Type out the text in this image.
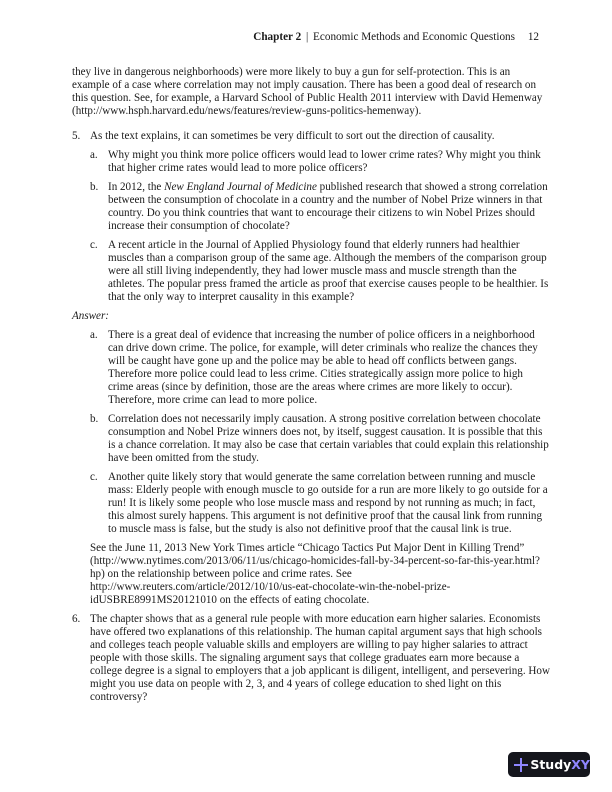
Chapter 2 | Economic Methods and Economic Questions 12

they live in dangerous neighborhoods) were more likely to buy a gun for self-protection. This is an example of a case where correlation may not imply causation. There has been a good deal of research on this question. See, for example, a Harvard School of Public Health 2011 interview with David Hemenway (http://www.hsph.harvard.edu/news/features/review-guns-politics-hemenway).

5. As the text explains, it can sometimes be very difficult to sort out the direction of causality.

a. Why might you think more police officers would lead to lower crime rates? Why might you think that higher crime rates would lead to more police officers?

b. In 2012, the New England Journal of Medicine published research that showed a strong correlation between the consumption of chocolate in a country and the number of Nobel Prize winners in that country. Do you think countries that want to encourage their citizens to win Nobel Prizes should increase their consumption of chocolate?

c. A recent article in the Journal of Applied Physiology found that elderly runners had healthier muscles than a comparison group of the same age. Although the members of the comparison group were all still living independently, they had lower muscle mass and muscle strength than the athletes. The popular press framed the article as proof that exercise causes people to be healthier. Is that the only way to interpret causality in this example?

Answer:

a. There is a great deal of evidence that increasing the number of police officers in a neighborhood can drive down crime. The police, for example, will deter criminals who realize the chances they will be caught have gone up and the police may be able to head off conflicts between gangs. Therefore more police could lead to less crime. Cities strategically assign more police to high crime areas (since by definition, those are the areas where crimes are more likely to occur). Therefore, more crime can lead to more police.

b. Correlation does not necessarily imply causation. A strong positive correlation between chocolate consumption and Nobel Prize winners does not, by itself, suggest causation. It is possible that this is a chance correlation. It may also be case that certain variables that could explain this relationship have been omitted from the study.

c. Another quite likely story that would generate the same correlation between running and muscle mass: Elderly people with enough muscle to go outside for a run are more likely to go outside for a run! It is likely some people who lose muscle mass and respond by not running as much; in fact, this almost surely happens. This argument is not definitive proof that the causal link from running to muscle mass is false, but the study is also not definitive proof that the causal link is true.

See the June 11, 2013 New York Times article “Chicago Tactics Put Major Dent in Killing Trend” (http://www.nytimes.com/2013/06/11/us/chicago-homicides-fall-by-34-percent-so-far-this-year.html?hp) on the relationship between police and crime rates. See http://www.reuters.com/article/2012/10/10/us-eat-chocolate-win-the-nobel-prize-idUSBRE8991MS20121010 on the effects of eating chocolate.

6. The chapter shows that as a general rule people with more education earn higher salaries. Economists have offered two explanations of this relationship. The human capital argument says that high schools and colleges teach people valuable skills and employers are willing to pay higher salaries to attract people with those skills. The signaling argument says that college graduates earn more because a college degree is a signal to employers that a job applicant is diligent, intelligent, and persevering. How might you use data on people with 2, 3, and 4 years of college education to shed light on this controversy?

StudyXY
